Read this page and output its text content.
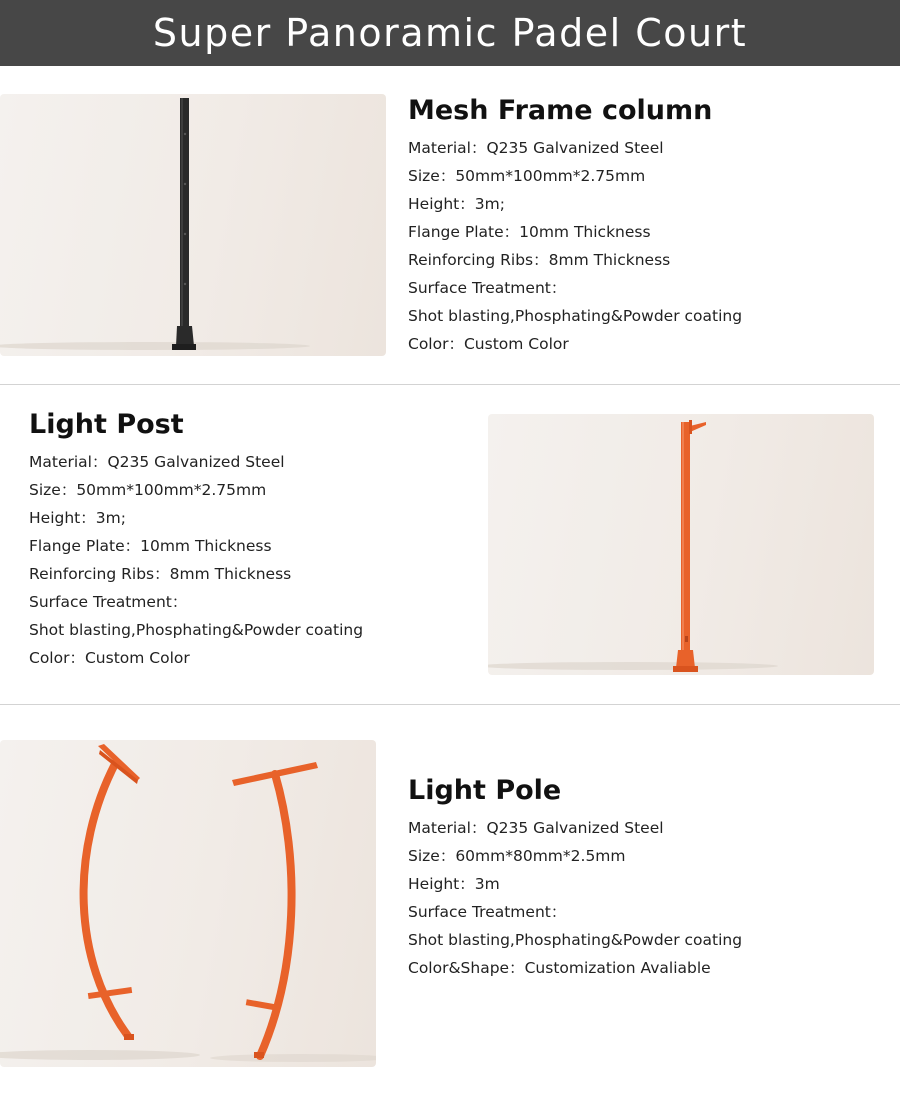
Super Panoramic Padel Court
Mesh Frame column
Material：Q235 Galvanized Steel
Size：50mm*100mm*2.75mm
Height：3m;
Flange Plate：10mm Thickness
Reinforcing Ribs：8mm Thickness
Surface Treatment：
Shot blasting,Phosphating&Powder coating
Color：Custom Color
Light Post
Material：Q235 Galvanized Steel
Size：50mm*100mm*2.75mm
Height：3m;
Flange Plate：10mm Thickness
Reinforcing Ribs：8mm Thickness
Surface Treatment：
Shot blasting,Phosphating&Powder coating
Color：Custom Color
Light Pole
Material：Q235 Galvanized Steel
Size：60mm*80mm*2.5mm
Height：3m
Surface Treatment：
Shot blasting,Phosphating&Powder coating
Color&Shape：Customization Avaliable
